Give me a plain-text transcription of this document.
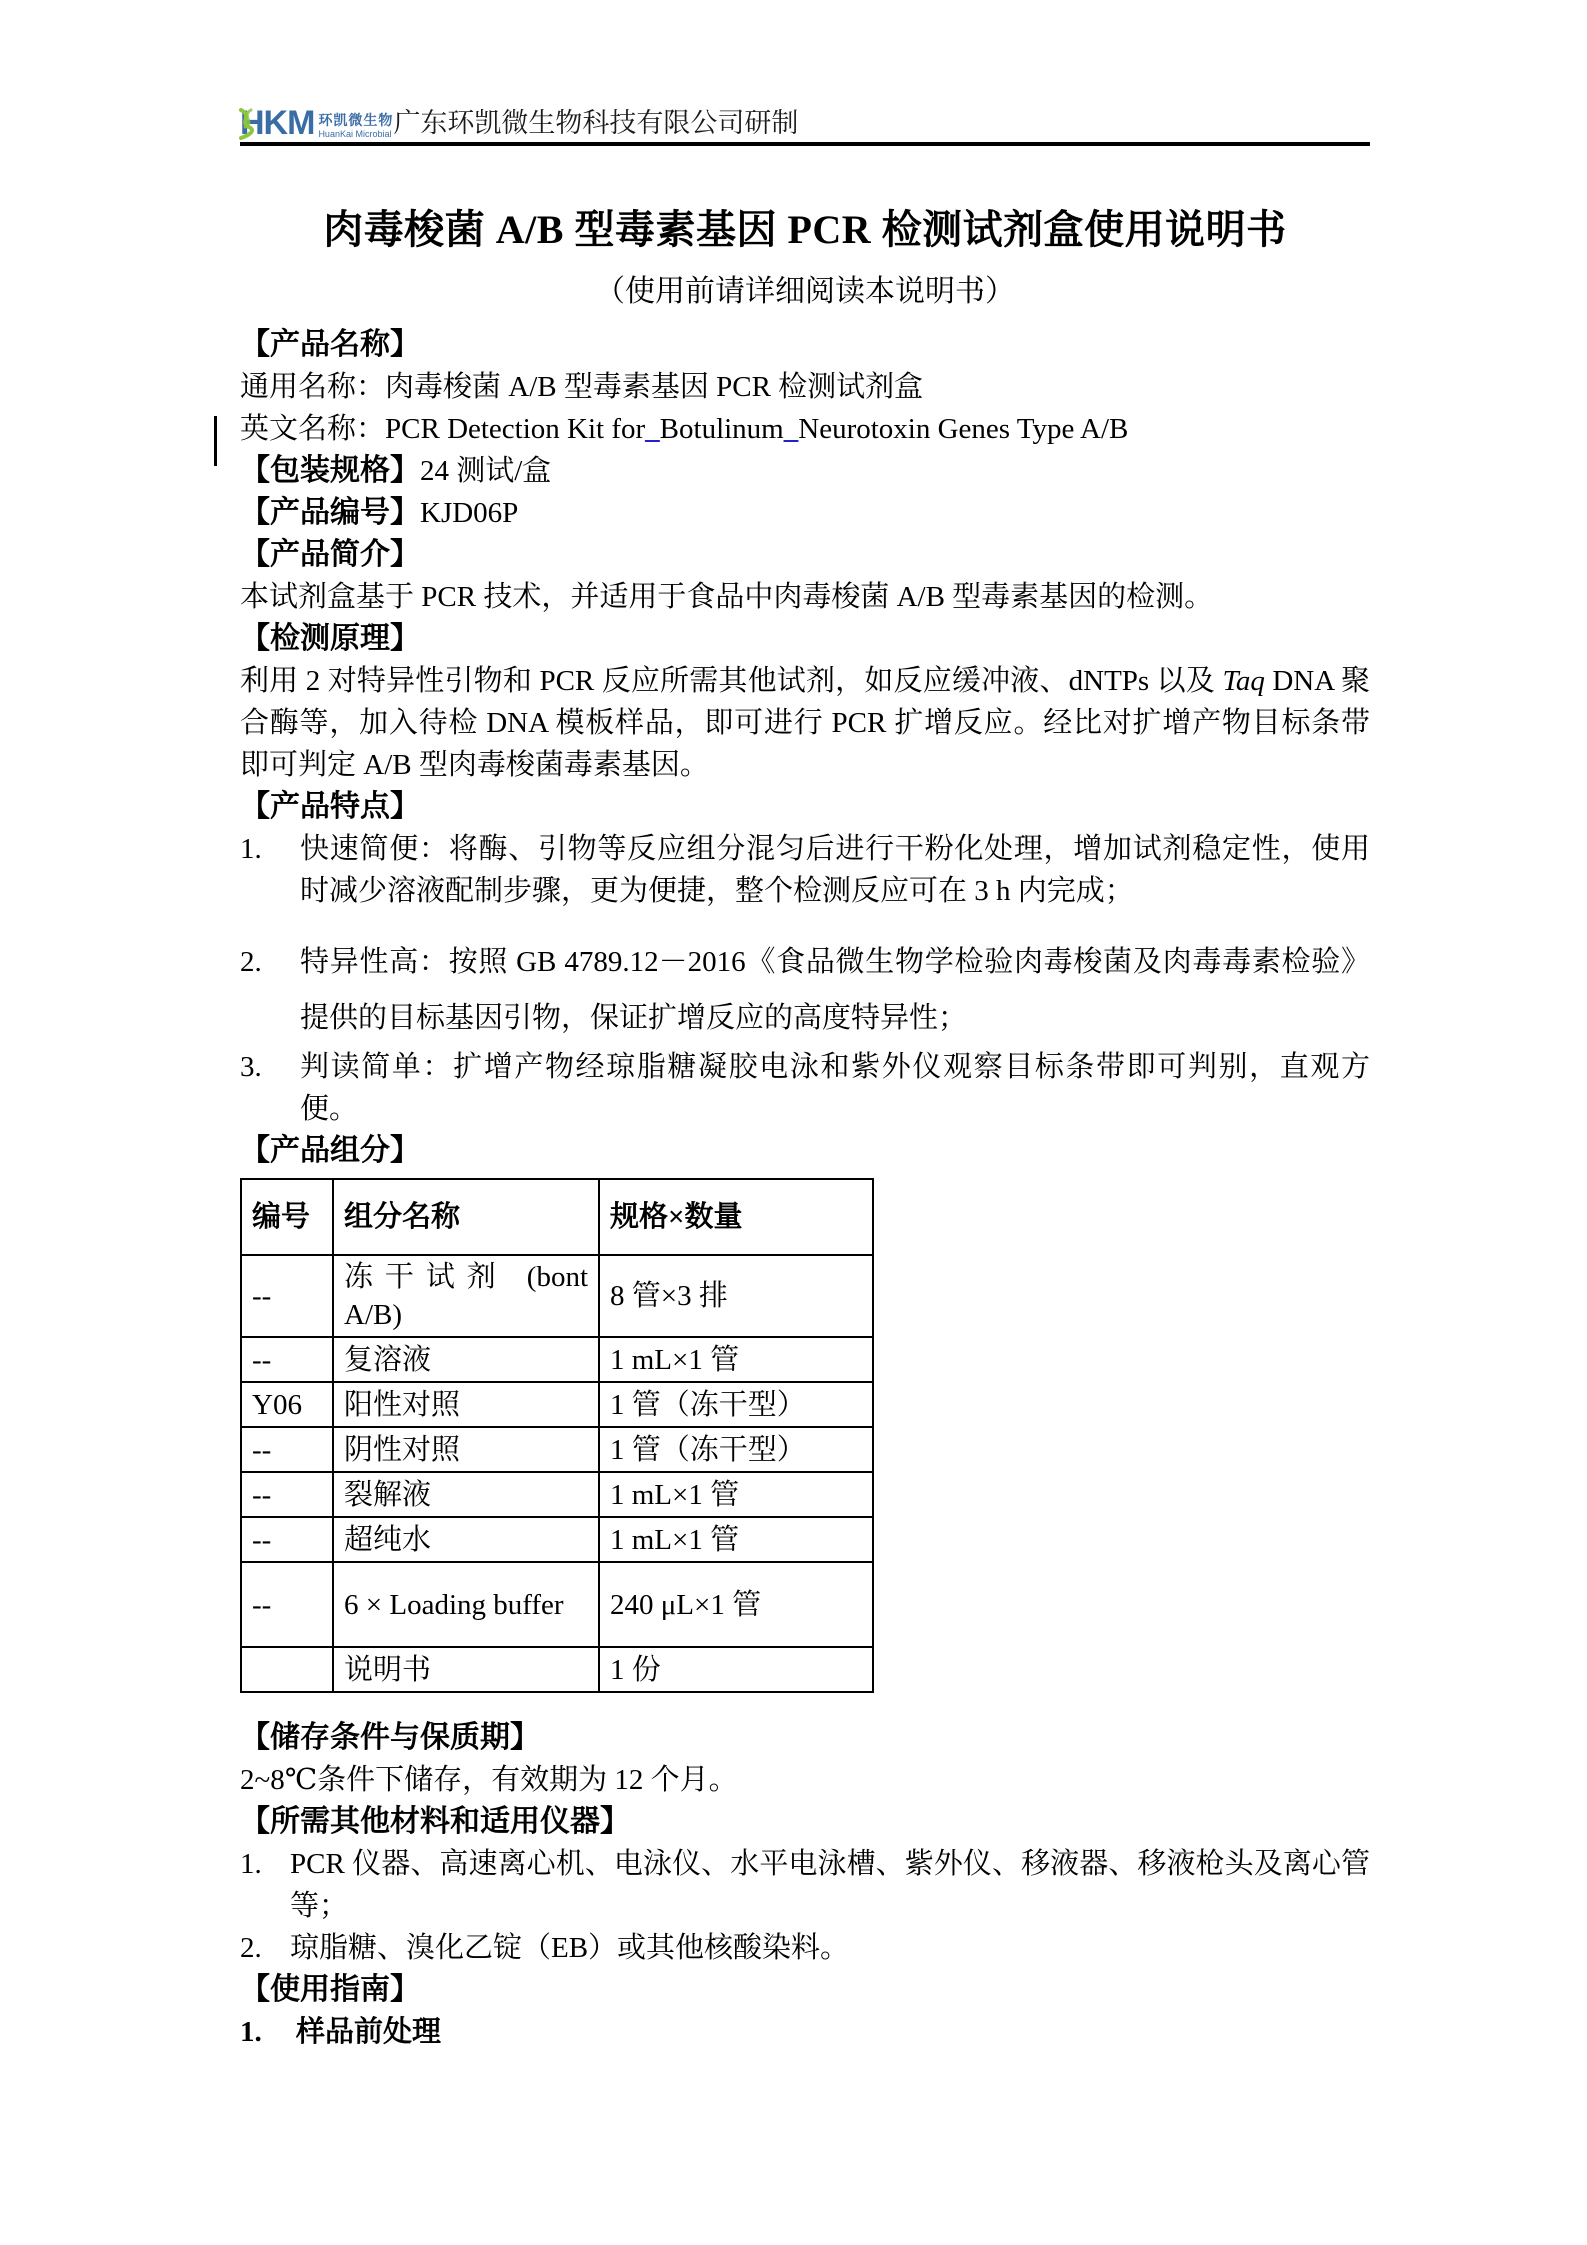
HKM 环凯微生物
HuanKai Microbial 广东环凯微生物科技有限公司研制
肉毒梭菌 A/B 型毒素基因 PCR 检测试剂盒使用说明书
（使用前请详细阅读本说明书）
【产品名称】
通用名称：肉毒梭菌 A/B 型毒素基因 PCR 检测试剂盒
英文名称：PCR Detection Kit for_Botulinum_Neurotoxin Genes Type A/B
【包装规格】24 测试/盒
【产品编号】KJD06P
【产品简介】
本试剂盒基于 PCR 技术，并适用于食品中肉毒梭菌 A/B 型毒素基因的检测。
【检测原理】
利用 2 对特异性引物和 PCR 反应所需其他试剂，如反应缓冲液、dNTPs 以及 Taq DNA 聚合酶等，加入待检 DNA 模板样品，即可进行 PCR 扩增反应。经比对扩增产物目标条带即可判定 A/B 型肉毒梭菌毒素基因。
【产品特点】
1.	快速简便：将酶、引物等反应组分混匀后进行干粉化处理，增加试剂稳定性，使用时减少溶液配制步骤，更为便捷，整个检测反应可在 3 h 内完成；
2.	特异性高：按照 GB 4789.12－2016《食品微生物学检验肉毒梭菌及肉毒毒素检验》提供的目标基因引物，保证扩增反应的高度特异性；
3.	判读简单：扩增产物经琼脂糖凝胶电泳和紫外仪观察目标条带即可判别，直观方便。
【产品组分】
编号	组分名称	规格×数量
--	冻干试剂 (bont A/B)	8 管×3 排
--	复溶液	1 mL×1 管
Y06	阳性对照	1 管（冻干型）
--	阴性对照	1 管（冻干型）
--	裂解液	1 mL×1 管
--	超纯水	1 mL×1 管
--	6 × Loading buffer	240 μL×1 管
	说明书	1 份
【储存条件与保质期】
2~8℃条件下储存，有效期为 12 个月。
【所需其他材料和适用仪器】
1. PCR 仪器、高速离心机、电泳仪、水平电泳槽、紫外仪、移液器、移液枪头及离心管等；
2. 琼脂糖、溴化乙锭（EB）或其他核酸染料。
【使用指南】
1.	样品前处理
